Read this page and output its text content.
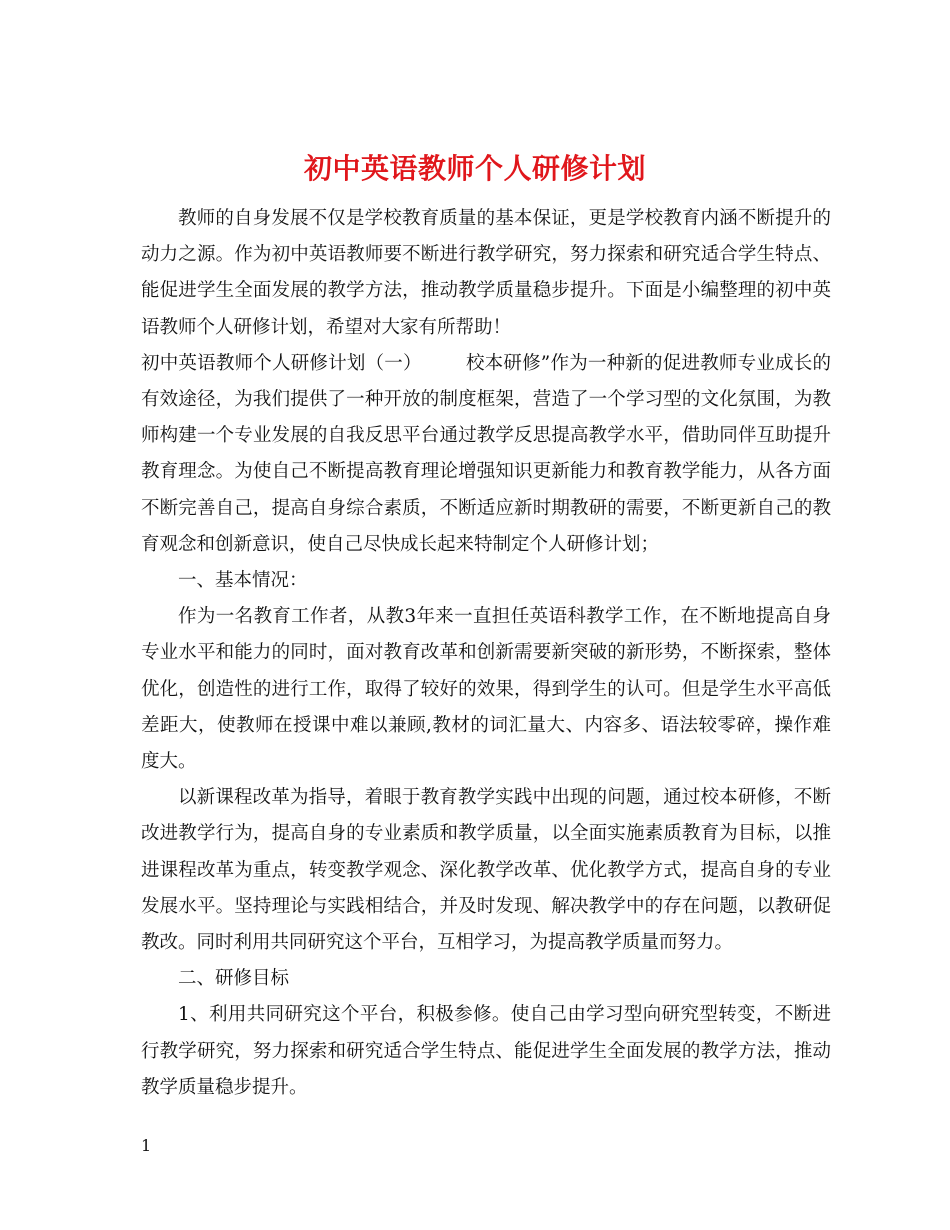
初中英语教师个人研修计划

教师的自身发展不仅是学校教育质量的基本保证，更是学校教育内涵不断提升的动力之源。作为初中英语教师要不断进行教学研究，努力探索和研究适合学生特点、能促进学生全面发展的教学方法，推动教学质量稳步提升。下面是小编整理的初中英语教师个人研修计划，希望对大家有所帮助！

初中英语教师个人研修计划（一） 校本研修”作为一种新的促进教师专业成长的有效途径，为我们提供了一种开放的制度框架，营造了一个学习型的文化氛围，为教师构建一个专业发展的自我反思平台通过教学反思提高教学水平，借助同伴互助提升教育理念。为使自己不断提高教育理论增强知识更新能力和教育教学能力，从各方面不断完善自己，提高自身综合素质，不断适应新时期教研的需要，不断更新自己的教育观念和创新意识，使自己尽快成长起来特制定个人研修计划；

一、基本情况：

作为一名教育工作者，从教3年来一直担任英语科教学工作，在不断地提高自身专业水平和能力的同时，面对教育改革和创新需要新突破的新形势，不断探索，整体优化，创造性的进行工作，取得了较好的效果，得到学生的认可。但是学生水平高低差距大，使教师在授课中难以兼顾,教材的词汇量大、内容多、语法较零碎，操作难度大。

以新课程改革为指导，着眼于教育教学实践中出现的问题，通过校本研修，不断改进教学行为，提高自身的专业素质和教学质量，以全面实施素质教育为目标，以推进课程改革为重点，转变教学观念、深化教学改革、优化教学方式，提高自身的专业发展水平。坚持理论与实践相结合，并及时发现、解决教学中的存在问题，以教研促教改。同时利用共同研究这个平台，互相学习，为提高教学质量而努力。

二、研修目标

1、利用共同研究这个平台，积极参修。使自己由学习型向研究型转变，不断进行教学研究，努力探索和研究适合学生特点、能促进学生全面发展的教学方法，推动教学质量稳步提升。

1
